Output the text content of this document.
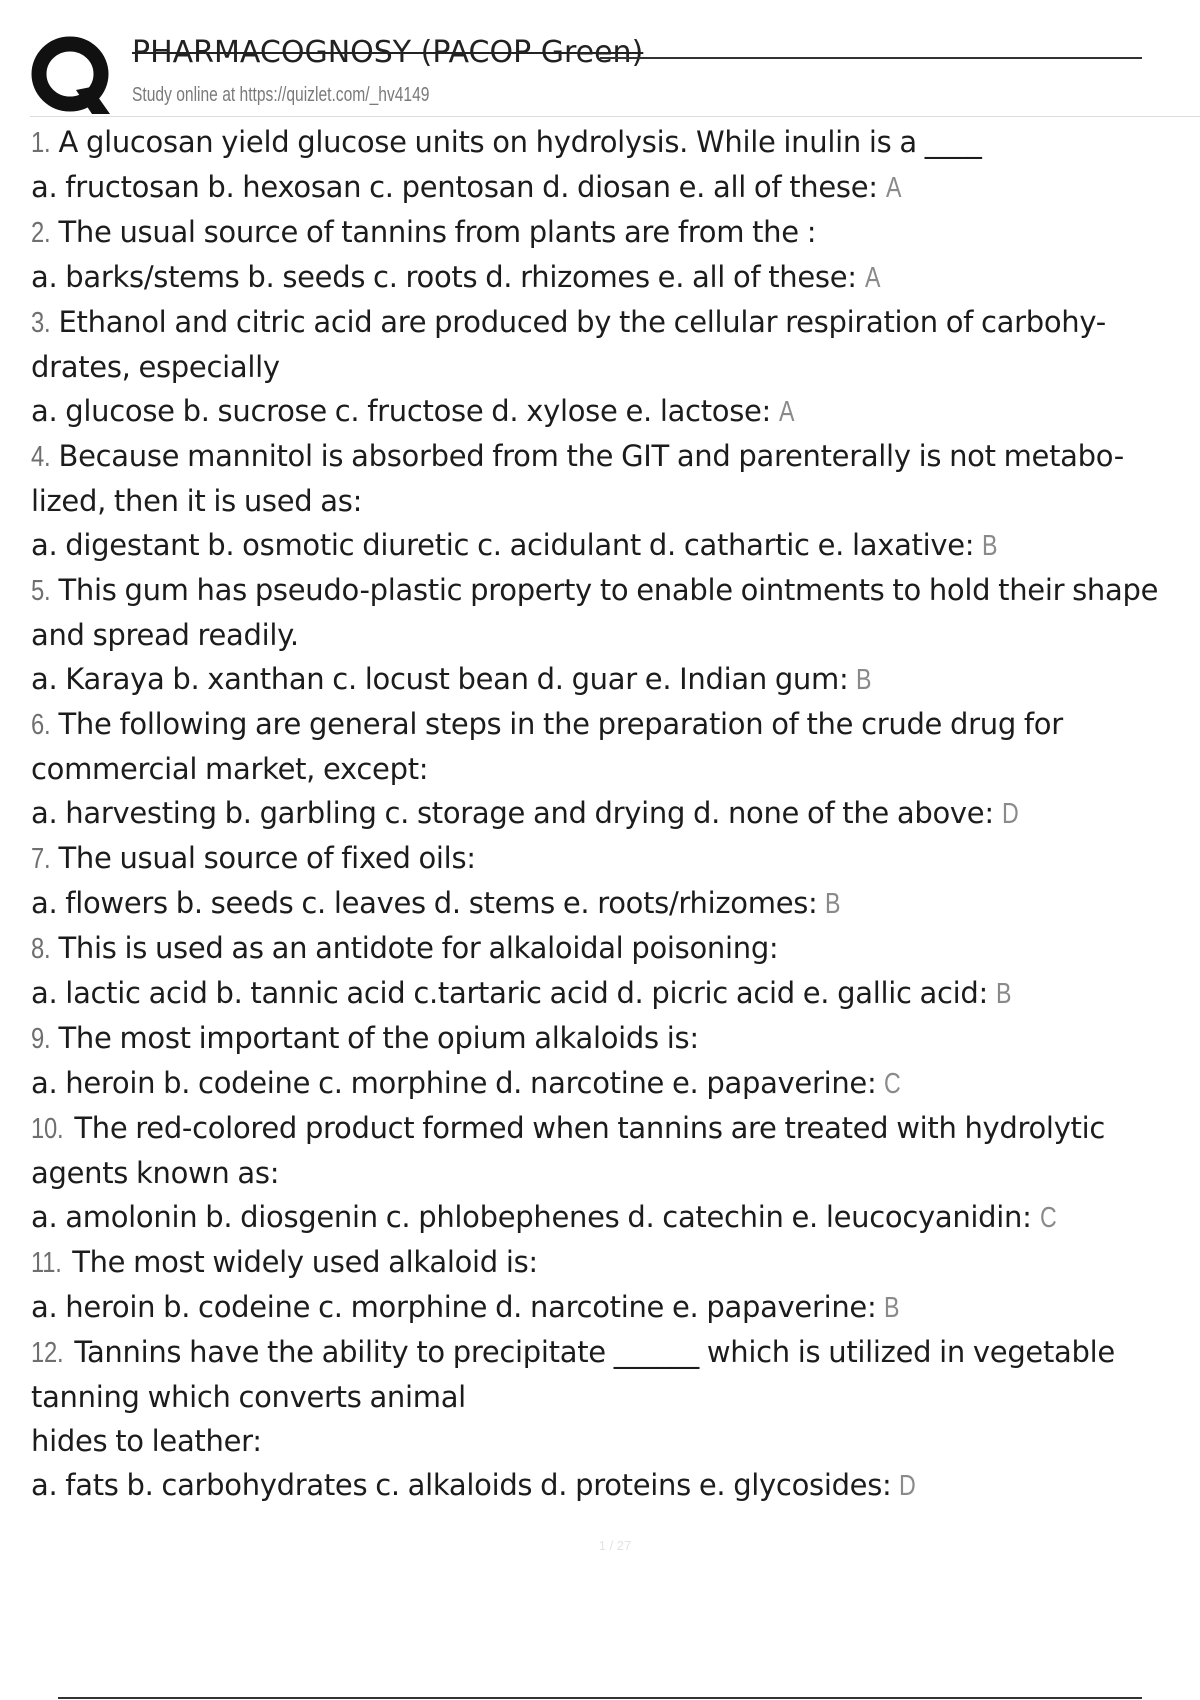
PHARMACOGNOSY (PACOP Green)
Study online at https://quizlet.com/_hv4149

1. A glucosan yield glucose units on hydrolysis. While inulin is a ____

a. fructosan b. hexosan c. pentosan d. diosan e. all of these: A

2. The usual source of tannins from plants are from the :

a. barks/stems b. seeds c. roots d. rhizomes e. all of these: A

3. Ethanol and citric acid are produced by the cellular respiration of carbohy-drates, especially

a. glucose b. sucrose c. fructose d. xylose e. lactose: A

4. Because mannitol is absorbed from the GIT and parenterally is not metabo-lized, then it is used as:

a. digestant b. osmotic diuretic c. acidulant d. cathartic e. laxative: B

5. This gum has pseudo-plastic property to enable ointments to hold their shape and spread readily.

a. Karaya b. xanthan c. locust bean d. guar e. Indian gum: B

6. The following are general steps in the preparation of the crude drug for commercial market, except:

a. harvesting b. garbling c. storage and drying d. none of the above: D

7. The usual source of fixed oils:

a. flowers b. seeds c. leaves d. stems e. roots/rhizomes: B

8. This is used as an antidote for alkaloidal poisoning:

a. lactic acid b. tannic acid c.tartaric acid d. picric acid e. gallic acid: B

9. The most important of the opium alkaloids is:

a. heroin b. codeine c. morphine d. narcotine e. papaverine: C

10. The red-colored product formed when tannins are treated with hydrolytic agents known as:

a. amolonin b. diosgenin c. phlobephenes d. catechin e. leucocyanidin: C

11. The most widely used alkaloid is:

a. heroin b. codeine c. morphine d. narcotine e. papaverine: B

12. Tannins have the ability to precipitate ______ which is utilized in vegetable tanning which converts animal
hides to leather:

a. fats b. carbohydrates c. alkaloids d. proteins e. glycosides: D

1 / 27
